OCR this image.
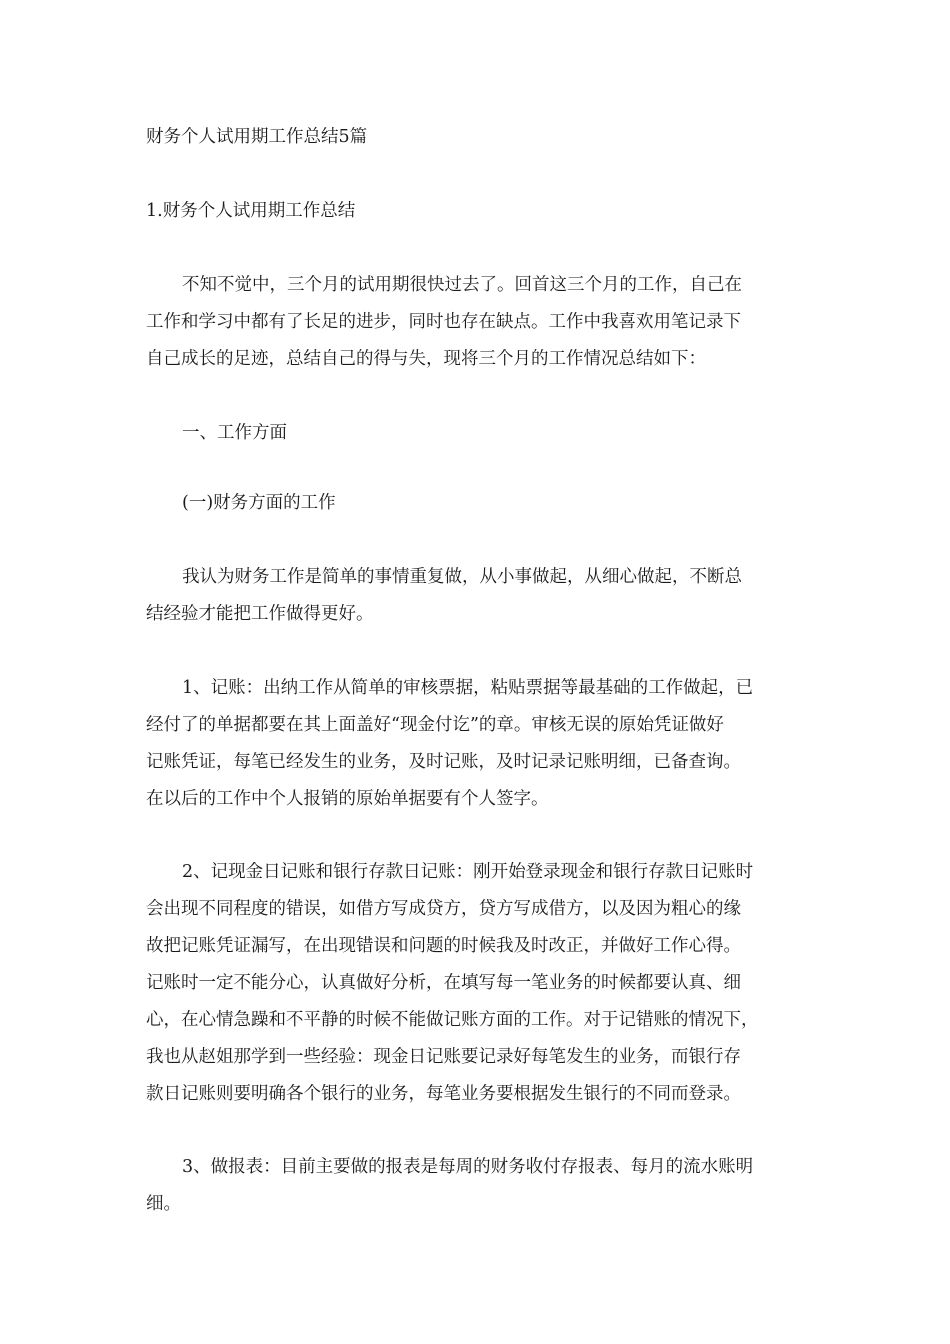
财务个人试用期工作总结5篇
1.财务个人试用期工作总结
不知不觉中，三个月的试用期很快过去了。回首这三个月的工作，自己在
工作和学习中都有了长足的进步，同时也存在缺点。工作中我喜欢用笔记录下
自己成长的足迹，总结自己的得与失，现将三个月的工作情况总结如下：
一、工作方面
(一)财务方面的工作
我认为财务工作是简单的事情重复做，从小事做起，从细心做起，不断总
结经验才能把工作做得更好。
1、记账：出纳工作从简单的审核票据，粘贴票据等最基础的工作做起，已
经付了的单据都要在其上面盖好“现金付讫”的章。审核无误的原始凭证做好
记账凭证，每笔已经发生的业务，及时记账，及时记录记账明细，已备查询。
在以后的工作中个人报销的原始单据要有个人签字。
2、记现金日记账和银行存款日记账：刚开始登录现金和银行存款日记账时
会出现不同程度的错误，如借方写成贷方，贷方写成借方，以及因为粗心的缘
故把记账凭证漏写，在出现错误和问题的时候我及时改正，并做好工作心得。
记账时一定不能分心，认真做好分析，在填写每一笔业务的时候都要认真、细
心，在心情急躁和不平静的时候不能做记账方面的工作。对于记错账的情况下，
我也从赵姐那学到一些经验：现金日记账要记录好每笔发生的业务，而银行存
款日记账则要明确各个银行的业务，每笔业务要根据发生银行的不同而登录。
3、做报表：目前主要做的报表是每周的财务收付存报表、每月的流水账明
细。
